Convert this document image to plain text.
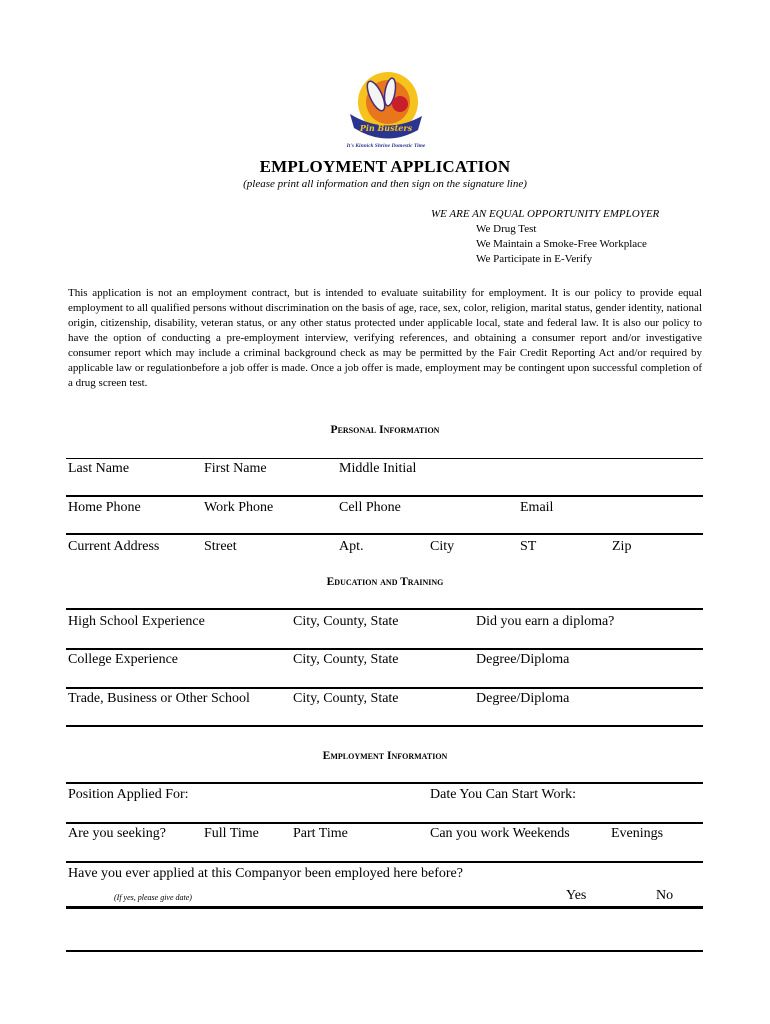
Pin Busters
It's Kinnick Shrine Domestic Time
EMPLOYMENT APPLICATION
(please print all information and then sign on the signature line)
WE ARE AN EQUAL OPPORTUNITY EMPLOYER
We Drug Test
We Maintain a Smoke-Free Workplace
We Participate in E-Verify
This application is not an employment contract, but is intended to evaluate suitability for employment. It is our policy to provide equal employment to all qualified persons without discrimination on the basis of age, race, sex, color, religion, marital status, gender identity, national origin, citizenship, disability, veteran status, or any other status protected under applicable local, state and federal law. It is also our policy to have the option of conducting a pre-employment interview, verifying references, and obtaining a consumer report and/or investigative consumer report which may include a criminal background check as may be permitted by the Fair Credit Reporting Act and/or required by applicable law or regulationbefore a job offer is made. Once a job offer is made, employment may be contingent upon successful completion of a drug screen test.
Personal Information
Last Name	First Name	Middle Initial
Home Phone	Work Phone	Cell Phone	Email
Current Address	Street	Apt.	City	ST	Zip
Education and Training
High School Experience	City, County, State	Did you earn a diploma?
College Experience	City, County, State	Degree/Diploma
Trade, Business or Other School	City, County, State	Degree/Diploma
Employment Information
Position Applied For:	Date You Can Start Work:
Are you seeking?	Full Time Part Time	Can you work Weekends	Evenings
Have you ever applied at this Companyor been employed here before?
(If yes, please give date)	Yes	No
